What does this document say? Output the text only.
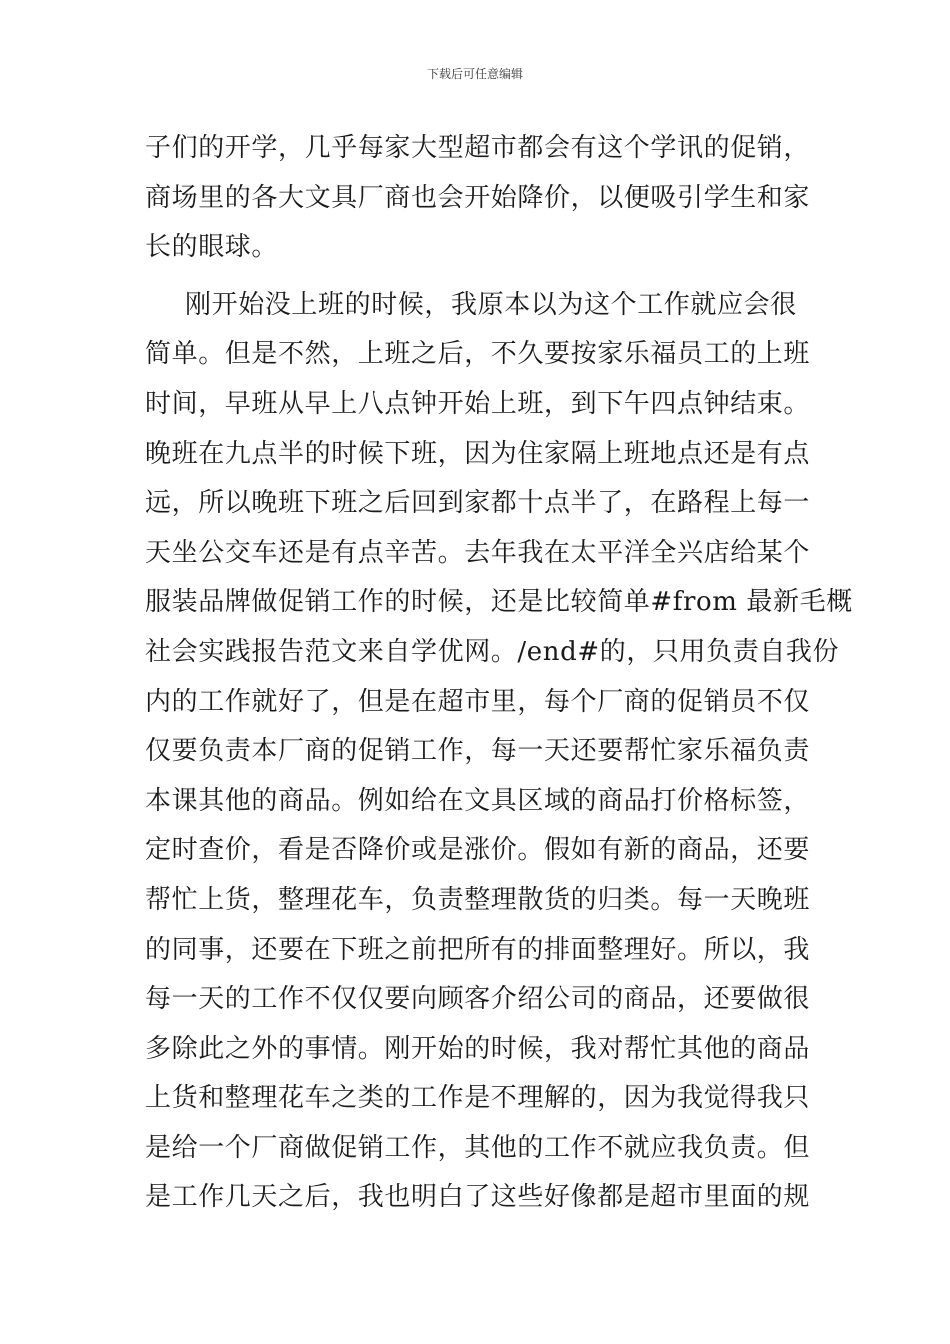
下载后可任意编辑
子们的开学，几乎每家大型超市都会有这个学讯的促销，
商场里的各大文具厂商也会开始降价，以便吸引学生和家
长的眼球。
刚开始没上班的时候，我原本以为这个工作就应会很
简单。但是不然，上班之后，不久要按家乐福员工的上班
时间，早班从早上八点钟开始上班，到下午四点钟结束。
晚班在九点半的时候下班，因为住家隔上班地点还是有点
远，所以晚班下班之后回到家都十点半了，在路程上每一
天坐公交车还是有点辛苦。去年我在太平洋全兴店给某个
服装品牌做促销工作的时候，还是比较简单#from 最新毛概
社会实践报告范文来自学优网。/end#的，只用负责自我份
内的工作就好了，但是在超市里，每个厂商的促销员不仅
仅要负责本厂商的促销工作，每一天还要帮忙家乐福负责
本课其他的商品。例如给在文具区域的商品打价格标签，
定时查价，看是否降价或是涨价。假如有新的商品，还要
帮忙上货，整理花车，负责整理散货的归类。每一天晚班
的同事，还要在下班之前把所有的排面整理好。所以，我
每一天的工作不仅仅要向顾客介绍公司的商品，还要做很
多除此之外的事情。刚开始的时候，我对帮忙其他的商品
上货和整理花车之类的工作是不理解的，因为我觉得我只
是给一个厂商做促销工作，其他的工作不就应我负责。但
是工作几天之后，我也明白了这些好像都是超市里面的规
